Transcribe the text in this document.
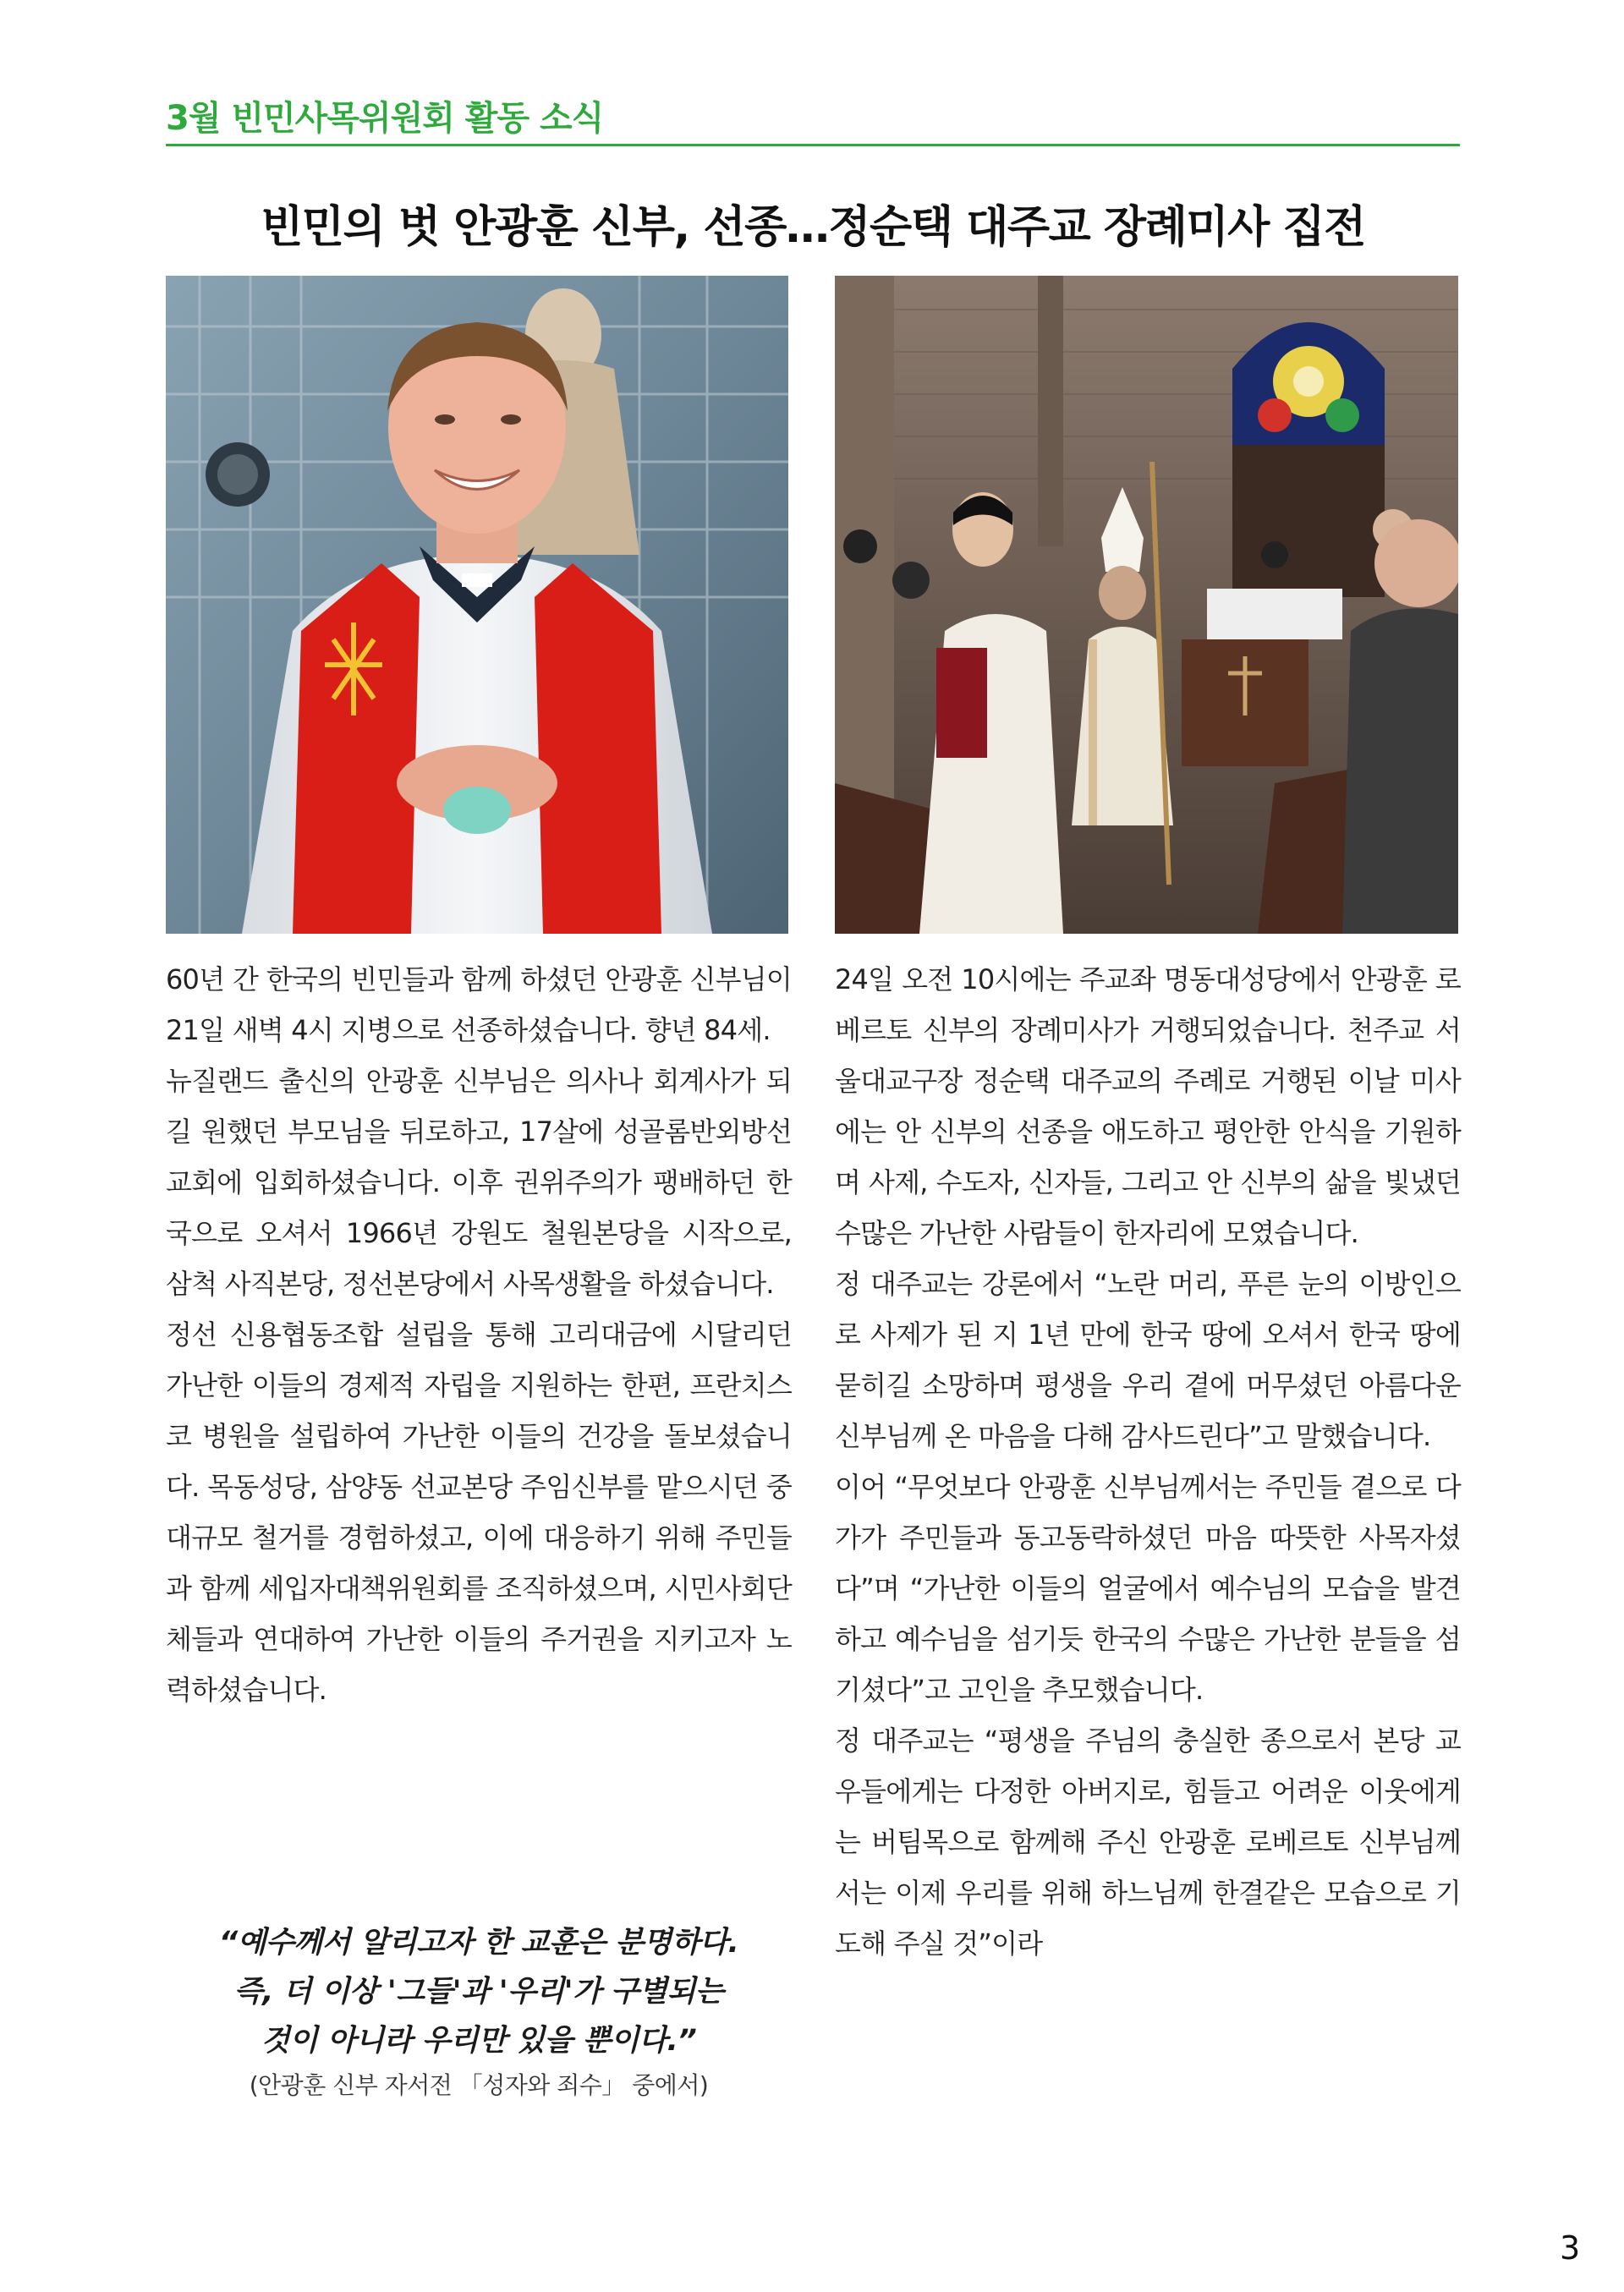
3월 빈민사목위원회 활동 소식
빈민의 벗 안광훈 신부, 선종…정순택 대주교 장례미사 집전

60년 간 한국의 빈민들과 함께 하셨던 안광훈 신부님이 21일 새벽 4시 지병으로 선종하셨습니다. 향년 84세.

뉴질랜드 출신의 안광훈 신부님은 의사나 회계사가 되길 원했던 부모님을 뒤로하고, 17살에 성골롬반외방선교회에 입회하셨습니다. 이후 권위주의가 팽배하던 한국으로 오셔서 1966년 강원도 철원본당을 시작으로, 삼척 사직본당, 정선본당에서 사목생활을 하셨습니다.

정선 신용협동조합 설립을 통해 고리대금에 시달리던 가난한 이들의 경제적 자립을 지원하는 한편, 프란치스코 병원을 설립하여 가난한 이들의 건강을 돌보셨습니다. 목동성당, 삼양동 선교본당 주임신부를 맡으시던 중 대규모 철거를 경험하셨고, 이에 대응하기 위해 주민들과 함께 세입자대책위원회를 조직하셨으며, 시민사회단체들과 연대하여 가난한 이들의 주거권을 지키고자 노력하셨습니다.

“예수께서 알리고자 한 교훈은 분명하다.
즉, 더 이상 '그들'과 '우리'가 구별되는
것이 아니라 우리만 있을 뿐이다.”
(안광훈 신부 자서전 「성자와 죄수」 중에서)

24일 오전 10시에는 주교좌 명동대성당에서 안광훈 로베르토 신부의 장례미사가 거행되었습니다. 천주교 서울대교구장 정순택 대주교의 주례로 거행된 이날 미사에는 안 신부의 선종을 애도하고 평안한 안식을 기원하며 사제, 수도자, 신자들, 그리고 안 신부의 삶을 빛냈던 수많은 가난한 사람들이 한자리에 모였습니다.

정 대주교는 강론에서 “노란 머리, 푸른 눈의 이방인으로 사제가 된 지 1년 만에 한국 땅에 오셔서 한국 땅에 묻히길 소망하며 평생을 우리 곁에 머무셨던 아름다운 신부님께 온 마음을 다해 감사드린다”고 말했습니다.

이어 “무엇보다 안광훈 신부님께서는 주민들 곁으로 다가가 주민들과 동고동락하셨던 마음 따뜻한 사목자셨다”며 “가난한 이들의 얼굴에서 예수님의 모습을 발견하고 예수님을 섬기듯 한국의 수많은 가난한 분들을 섬기셨다”고 고인을 추모했습니다.

정 대주교는 “평생을 주님의 충실한 종으로서 본당 교우들에게는 다정한 아버지로, 힘들고 어려운 이웃에게는 버팀목으로 함께해 주신 안광훈 로베르토 신부님께서는 이제 우리를 위해 하느님께 한결같은 모습으로 기도해 주실 것”이라

3
